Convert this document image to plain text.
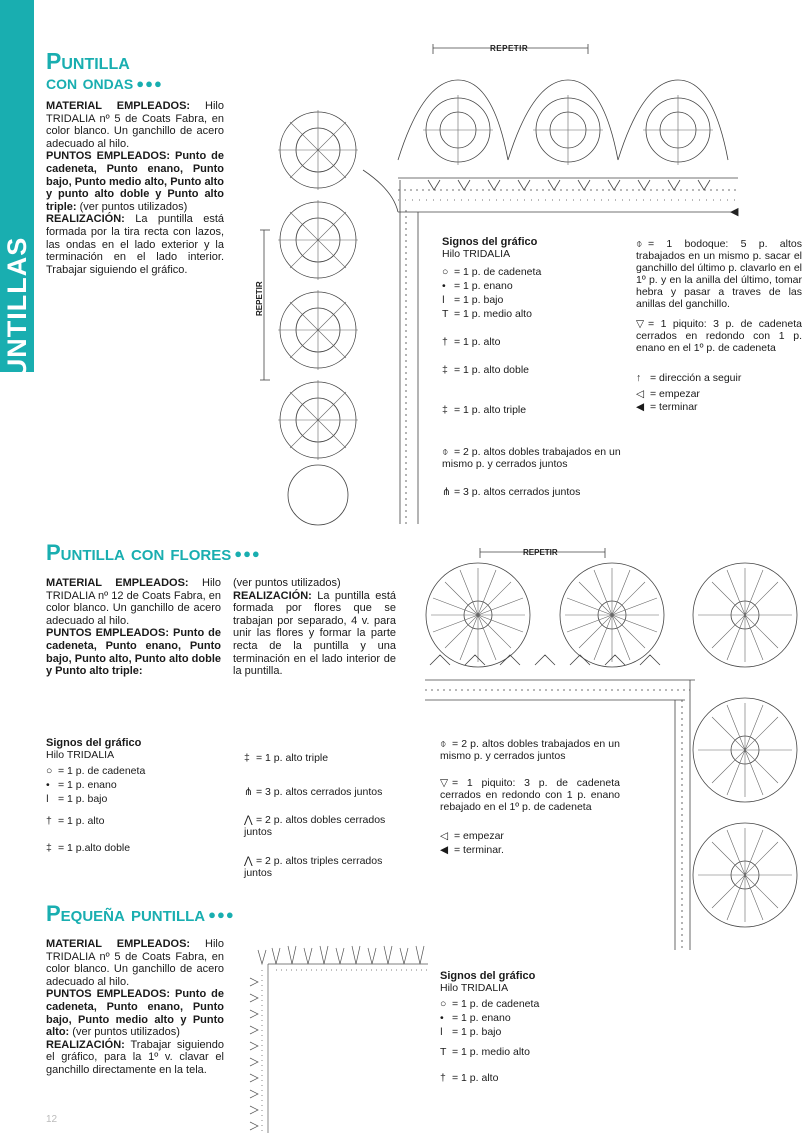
PUNTILLAS
Puntilla
con ondas ●●●
MATERIAL EMPLEADOS: Hilo TRIDALIA nº 5 de Coats Fabra, en color blanco. Un ganchillo de acero adecuado al hilo.
PUNTOS EMPLEADOS: Punto de cadeneta, Punto enano, Punto bajo, Punto medio alto, Punto alto y punto alto doble y Punto alto triple: (ver puntos utilizados)
REALIZACIÓN: La puntilla está formada por la tira recta con lazos, las ondas en el lado exterior y la terminación en el lado interior. Trabajar siguiendo el gráfico.
REPETIR
REPETIR
◀
Signos del gráfico
Hilo TRIDALIA
○ = 1 p. de cadeneta
• = 1 p. enano
ǀ = 1 p. bajo
T = 1 p. medio alto
† = 1 p. alto
‡ = 1 p. alto doble
‡ = 1 p. alto triple
⌽ = 2 p. altos dobles trabajados en un mismo p. y cerrados juntos
⋔ = 3 p. altos cerrados juntos
⌽ = 1 bodoque: 5 p. altos trabajados en un mismo p. sacar el ganchillo del último p. clavarlo en el 1º p. y en la anilla del último, tomar hebra y pasar a traves de las anillas del ganchillo.
▽ = 1 piquito: 3 p. de cadeneta cerrados en redondo con 1 p. enano en el 1º p. de cadeneta
↑ = dirección a seguir
◁ = empezar
◀ = terminar
Puntilla con flores ●●●
MATERIAL EMPLEADOS: Hilo TRIDALIA nº 12 de Coats Fabra, en color blanco. Un ganchillo de acero adecuado al hilo.
PUNTOS EMPLEADOS: Punto de cadeneta, Punto enano, Punto bajo, Punto alto, Punto alto doble y Punto alto triple:
(ver puntos utilizados)
REALIZACIÓN: La puntilla está formada por flores que se trabajan por separado, 4 v. para unir las flores y formar la parte recta de la puntilla y una terminación en el lado interior de la puntilla.
REPETIR
Signos del gráfico
Hilo TRIDALIA
○ = 1 p. de cadeneta
• = 1 p. enano
ǀ = 1 p. bajo
† = 1 p. alto
‡ = 1 p.alto doble
‡ = 1 p. alto triple
⋔ = 3 p. altos cerrados juntos
⋀ = 2 p. altos dobles cerrados juntos
⋀ = 2 p. altos triples cerrados juntos
⌽ = 2 p. altos dobles trabajados en un mismo p. y cerrados juntos
▽ = 1 piquito: 3 p. de cadeneta cerrados en redondo con 1 p. enano rebajado en el 1º p. de cadeneta
◁ = empezar
◀ = terminar.
Pequeña puntilla ●●●
MATERIAL EMPLEADOS: Hilo TRIDALIA nº 5 de Coats Fabra, en color blanco. Un ganchillo de acero adecuado al hilo.
PUNTOS EMPLEADOS: Punto de cadeneta, Punto enano, Punto bajo, Punto medio alto y Punto alto: (ver puntos utilizados)
REALIZACIÓN: Trabajar siguiendo el gráfico, para la 1º v. clavar el ganchillo directamente en la tela.
Signos del gráfico
Hilo TRIDALIA
○ = 1 p. de cadeneta
• = 1 p. enano
ǀ = 1 p. bajo
T = 1 p. medio alto
† = 1 p. alto
12
